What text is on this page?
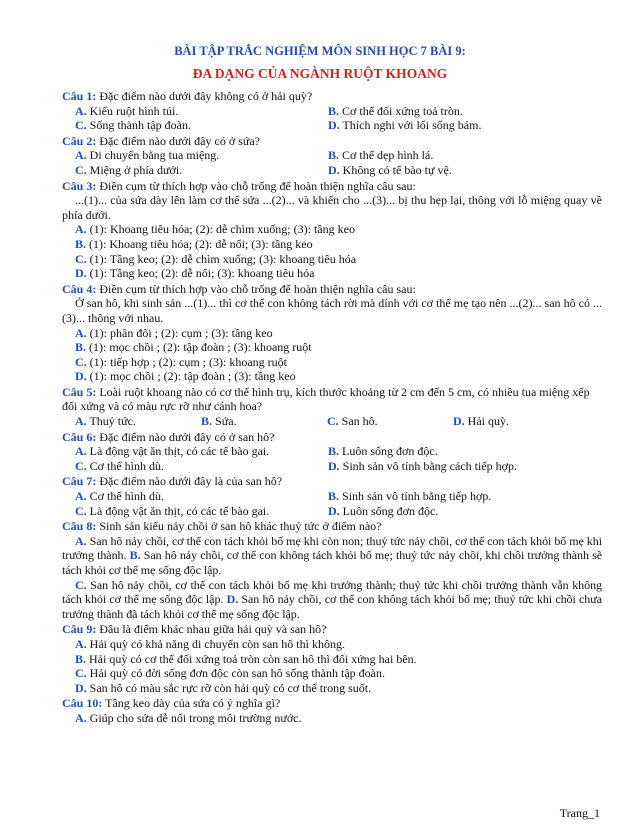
BÀI TẬP TRẮC NGHIỆM MÔN SINH HỌC 7 BÀI 9:
ĐA DẠNG CỦA NGÀNH RUỘT KHOANG
Câu 1: Đặc điểm nào dưới đây không có ở hải quỳ?
A. Kiểu ruột hình túi.	B. Cơ thể đối xứng toả tròn.
C. Sống thành tập đoàn.	D. Thích nghi với lối sống bám.
Câu 2: Đặc điểm nào dưới đây có ở sứa?
A. Di chuyển bằng tua miệng.	B. Cơ thể dẹp hình lá.
C. Miệng ở phía dưới.	D. Không có tế bào tự vệ.
Câu 3: Điền cụm từ thích hợp vào chỗ trống để hoàn thiện nghĩa câu sau:
...(1)... của sứa dày lên làm cơ thể sứa ...(2)... và khiến cho ...(3)... bị thu hẹp lại, thông với lỗ miệng quay về phía dưới.
A. (1): Khoang tiêu hóa; (2): dễ chìm xuống; (3): tầng keo
B. (1): Khoang tiêu hóa; (2): dễ nổi; (3): tầng keo
C. (1): Tầng keo; (2): dễ chìm xuống; (3): khoang tiêu hóa
D. (1): Tầng keo; (2): dễ nổi; (3): khoang tiêu hóa
Câu 4: Điền cụm từ thích hợp vào chỗ trống để hoàn thiện nghĩa câu sau:
Ở san hô, khi sinh sản ...(1)... thì cơ thể con không tách rời mà dính với cơ thể mẹ tạo nên ...(2)... san hô có ...(3)... thông với nhau.
A. (1): phân đôi ; (2): cụm ; (3): tầng keo
B. (1): mọc chồi ; (2): tập đoàn ; (3): khoang ruột
C. (1): tiếp hợp ; (2): cụm ; (3): khoang ruột
D. (1): mọc chồi ; (2): tập đoàn ; (3): tầng keo
Câu 5: Loài ruột khoang nào có cơ thể hình trụ, kích thước khoảng từ 2 cm đến 5 cm, có nhiều tua miệng xếp đối xứng và có màu rực rỡ như cánh hoa?
A. Thuỷ tức.	B. Sứa.	C. San hô.	D. Hải quỳ.
Câu 6: Đặc điểm nào dưới đây có ở san hô?
A. Là động vật ăn thịt, có các tế bào gai.	B. Luôn sống đơn độc.
C. Cơ thể hình dù.	D. Sinh sản vô tính bằng cách tiếp hợp.
Câu 7: Đặc điểm nào dưới đây là của san hô?
A. Cơ thể hình dù.	B. Sinh sản vô tính bằng tiếp hợp.
C. Là động vật ăn thịt, có các tế bào gai.	D. Luôn sống đơn độc.
Câu 8: Sinh sản kiểu nảy chồi ở san hô khác thuỷ tức ở điểm nào?
A. San hô nảy chồi, cơ thể con tách khỏi bố mẹ khi còn non; thuỷ tức nảy chồi, cơ thể con tách khỏi bố mẹ khi trưởng thành. B. San hô nảy chồi, cơ thể con không tách khỏi bố mẹ; thuỷ tức nảy chồi, khi chồi trưởng thành sẽ tách khỏi cơ thể mẹ sống độc lập.
C. San hô nảy chồi, cơ thể con tách khỏi bố mẹ khi trưởng thành; thuỷ tức khi chồi trưởng thành vẫn không tách khỏi cơ thể mẹ sống độc lập. D. San hô nảy chồi, cơ thể con không tách khỏi bố mẹ; thuỷ tức khi chồi chưa trưởng thành đã tách khỏi cơ thể mẹ sống độc lập.
Câu 9: Đâu là điểm khác nhau giữa hải quỳ và san hô?
A. Hải quỳ có khả năng di chuyển còn san hô thì không.
B. Hải quỳ có cơ thể đối xứng toả tròn còn san hô thì đối xứng hai bên.
C. Hải quỳ có đời sống đơn độc còn san hô sống thành tập đoàn.
D. San hô có màu sắc rực rỡ còn hải quỳ có cơ thể trong suốt.
Câu 10: Tầng keo dày của sứa có ý nghĩa gì?
A. Giúp cho sứa dễ nổi trong môi trường nước.
Trang_1
